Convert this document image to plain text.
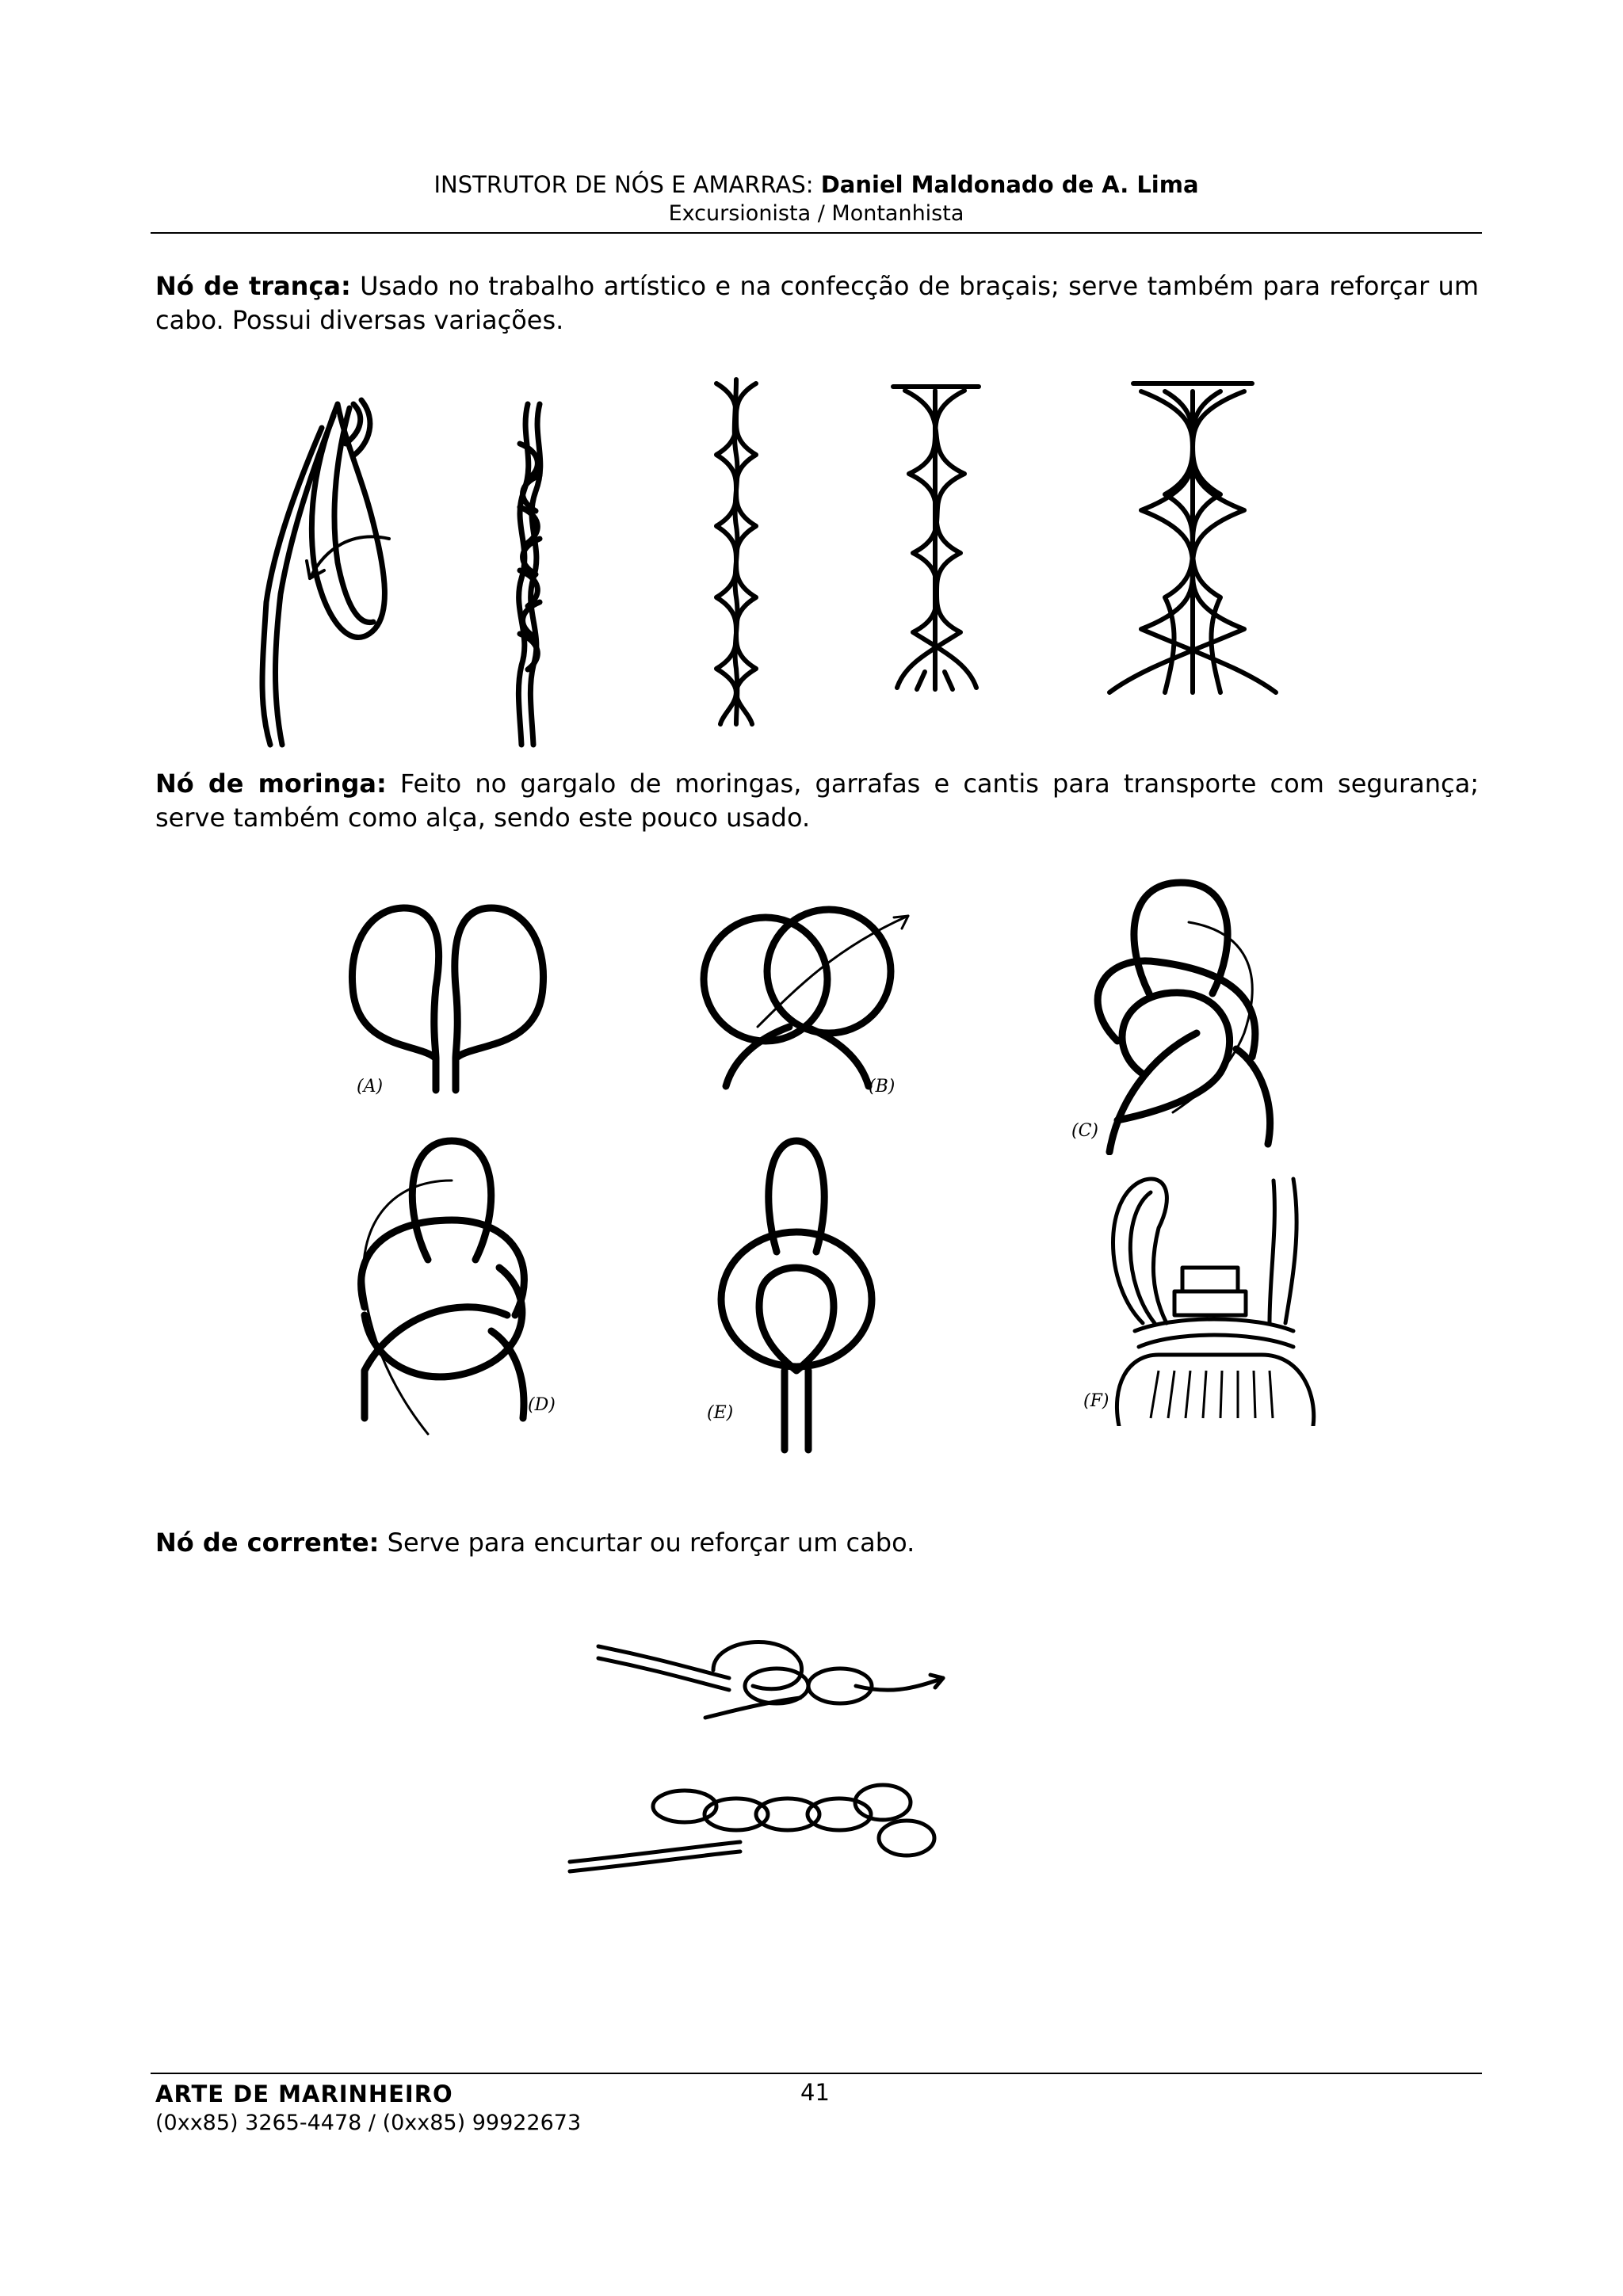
INSTRUTOR DE NÓS E AMARRAS: Daniel Maldonado de A. Lima
Excursionista / Montanhista
Nó de trança: Usado no trabalho artístico e na confecção de braçais; serve também para reforçar um cabo. Possui diversas variações.
Nó de moringa: Feito no gargalo de moringas, garrafas e cantis para transporte com segurança; serve também como alça, sendo este pouco usado.
(A)	(B)
(C)
(D)	(E)
(F)
Nó de corrente: Serve para encurtar ou reforçar um cabo.
ARTE DE MARINHEIRO
(0xx85) 3265-4478 / (0xx85) 99922673
41
